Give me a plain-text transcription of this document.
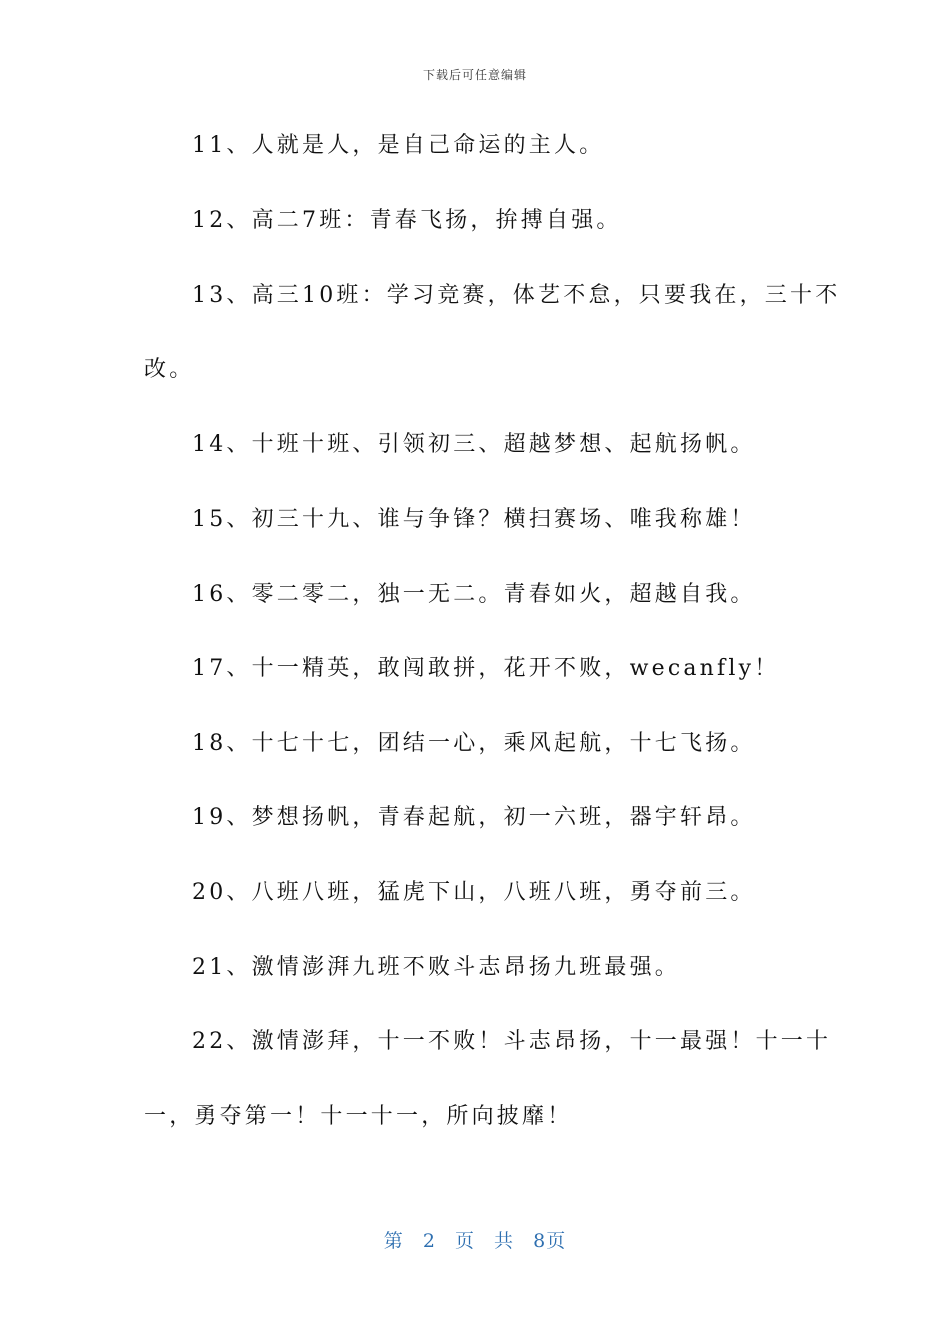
下载后可任意编辑
11、人就是人，是自己命运的主人。
12、高二7班：青春飞扬，拚搏自强。
13、高三10班：学习竞赛，体艺不怠，只要我在，三十不
改。
14、十班十班、引领初三、超越梦想、起航扬帆。
15、初三十九、谁与争锋？横扫赛场、唯我称雄！
16、零二零二，独一无二。青春如火，超越自我。
17、十一精英，敢闯敢拼，花开不败，wecanfly！
18、十七十七，团结一心，乘风起航，十七飞扬。
19、梦想扬帆，青春起航，初一六班，器宇轩昂。
20、八班八班，猛虎下山，八班八班，勇夺前三。
21、激情澎湃九班不败斗志昂扬九班最强。
22、激情澎拜，十一不败！斗志昂扬，十一最强！十一十
一，勇夺第一！十一十一，所向披靡！
第 2 页 共 8页
